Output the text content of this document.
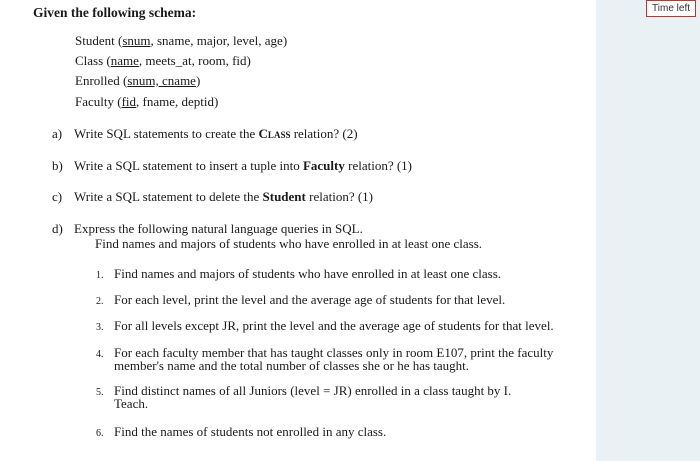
Given the following schema:
Student (snum, sname, major, level, age)
Class (name, meets_at, room, fid)
Enrolled (snum, cname)
Faculty (fid, fname, deptid)
a) Write SQL statements to create the Class relation? (2)
b) Write a SQL statement to insert a tuple into Faculty relation? (1)
c) Write a SQL statement to delete the Student relation? (1)
d) Express the following natural language queries in SQL.
Find names and majors of students who have enrolled in at least one class.
1. Find names and majors of students who have enrolled in at least one class.
2. For each level, print the level and the average age of students for that level.
3. For all levels except JR, print the level and the average age of students for that level.
4. For each faculty member that has taught classes only in room E107, print the faculty
member's name and the total number of classes she or he has taught.
5. Find distinct names of all Juniors (level = JR) enrolled in a class taught by I.
Teach.
6. Find the names of students not enrolled in any class.
Time left
